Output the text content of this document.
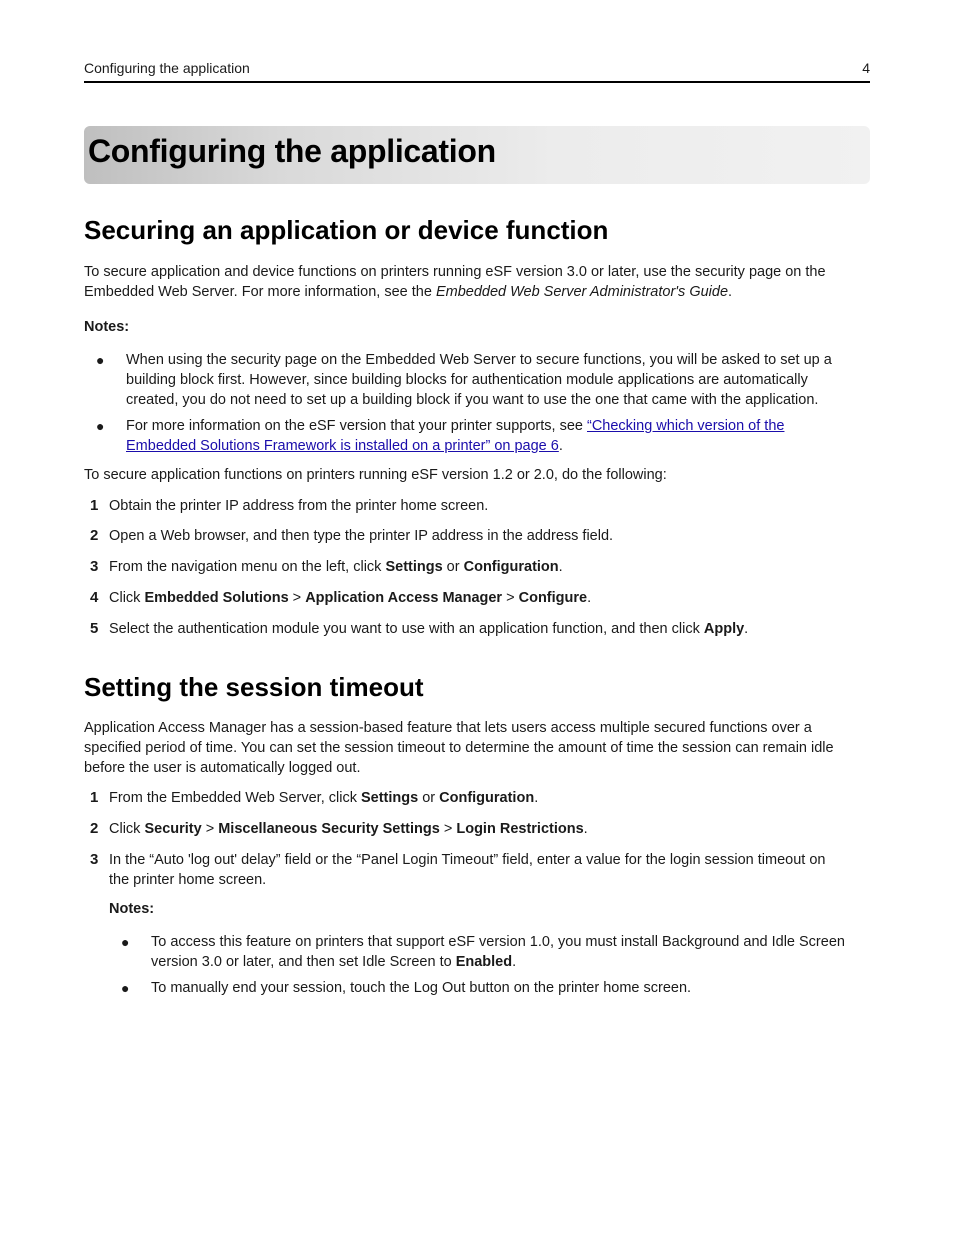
Configuring the application	4
Configuring the application
Securing an application or device function

To secure application and device functions on printers running eSF version 3.0 or later, use the security page on the
Embedded Web Server. For more information, see the Embedded Web Server Administrator's Guide.

Notes:

● When using the security page on the Embedded Web Server to secure functions, you will be asked to set up a
building block first. However, since building blocks for authentication module applications are automatically
created, you do not need to set up a building block if you want to use the one that came with the application.
● For more information on the eSF version that your printer supports, see “Checking which version of the
Embedded Solutions Framework is installed on a printer” on page 6.

To secure application functions on printers running eSF version 1.2 or 2.0, do the following:

1 Obtain the printer IP address from the printer home screen.
2 Open a Web browser, and then type the printer IP address in the address field.
3 From the navigation menu on the left, click Settings or Configuration.
4 Click Embedded Solutions > Application Access Manager > Configure.
5 Select the authentication module you want to use with an application function, and then click Apply.
Setting the session timeout

Application Access Manager has a session-based feature that lets users access multiple secured functions over a
specified period of time. You can set the session timeout to determine the amount of time the session can remain idle
before the user is automatically logged out.

1 From the Embedded Web Server, click Settings or Configuration.
2 Click Security > Miscellaneous Security Settings > Login Restrictions.
3 In the “Auto 'log out' delay” field or the “Panel Login Timeout” field, enter a value for the login session timeout on
the printer home screen.

Notes:

● To access this feature on printers that support eSF version 1.0, you must install Background and Idle Screen
version 3.0 or later, and then set Idle Screen to Enabled.
● To manually end your session, touch the Log Out button on the printer home screen.
